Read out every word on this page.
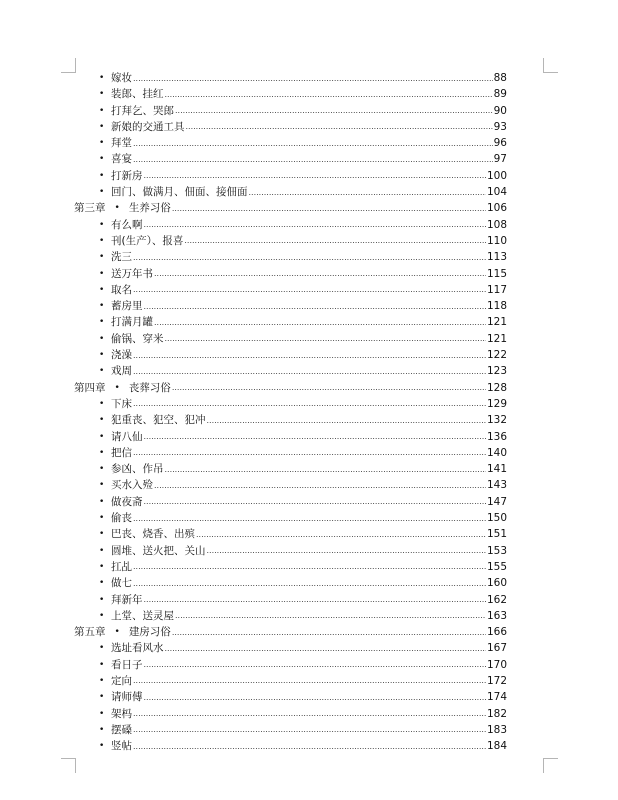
• 嫁妆 .....	88
• 装郎、挂红 .....	89
• 打拜乞、哭郎 .....	90
• 新娘的交通工具 .....	93
• 拜堂 .....	96
• 喜宴 .....	97
• 打新房 .....	100
• 回门、做满月、佃面、接佃面 .....	104
第三章	• 生养习俗 .....	106
• 有么啊 .....	108
• 刊(生产）、报喜 .....	110
• 洗三 .....	113
• 送万年书 .....	115
• 取名 .....	117
• 蓄房里 .....	118
• 打满月罐 .....	121
• 偷锅、穿米 .....	121
• 浇澡 .....	122
• 戏周 .....	123
第四章	• 丧葬习俗 .....	128
• 下床 .....	129
• 犯重丧、犯空、犯冲 .....	132
• 请八仙 .....	136
• 把信 .....	140
• 参凶、作吊 .....	141
• 买水入殓 .....	143
• 做夜斋 .....	147
• 偷丧 .....	150
• 巴丧、烧香、出殡 .....	151
• 圆堆、送火把、关山 .....	153
• 扛乩 .....	155
• 做七 .....	160
• 拜新年 .....	162
• 上堂、送灵屋 .....	163
第五章	• 建房习俗 .....	166
• 选址看风水 .....	167
• 看日子 .....	170
• 定向 .....	172
• 请师傅 .....	174
• 架杩 .....	182
• 摆磉 .....	183
• 竖帖 .....	184
